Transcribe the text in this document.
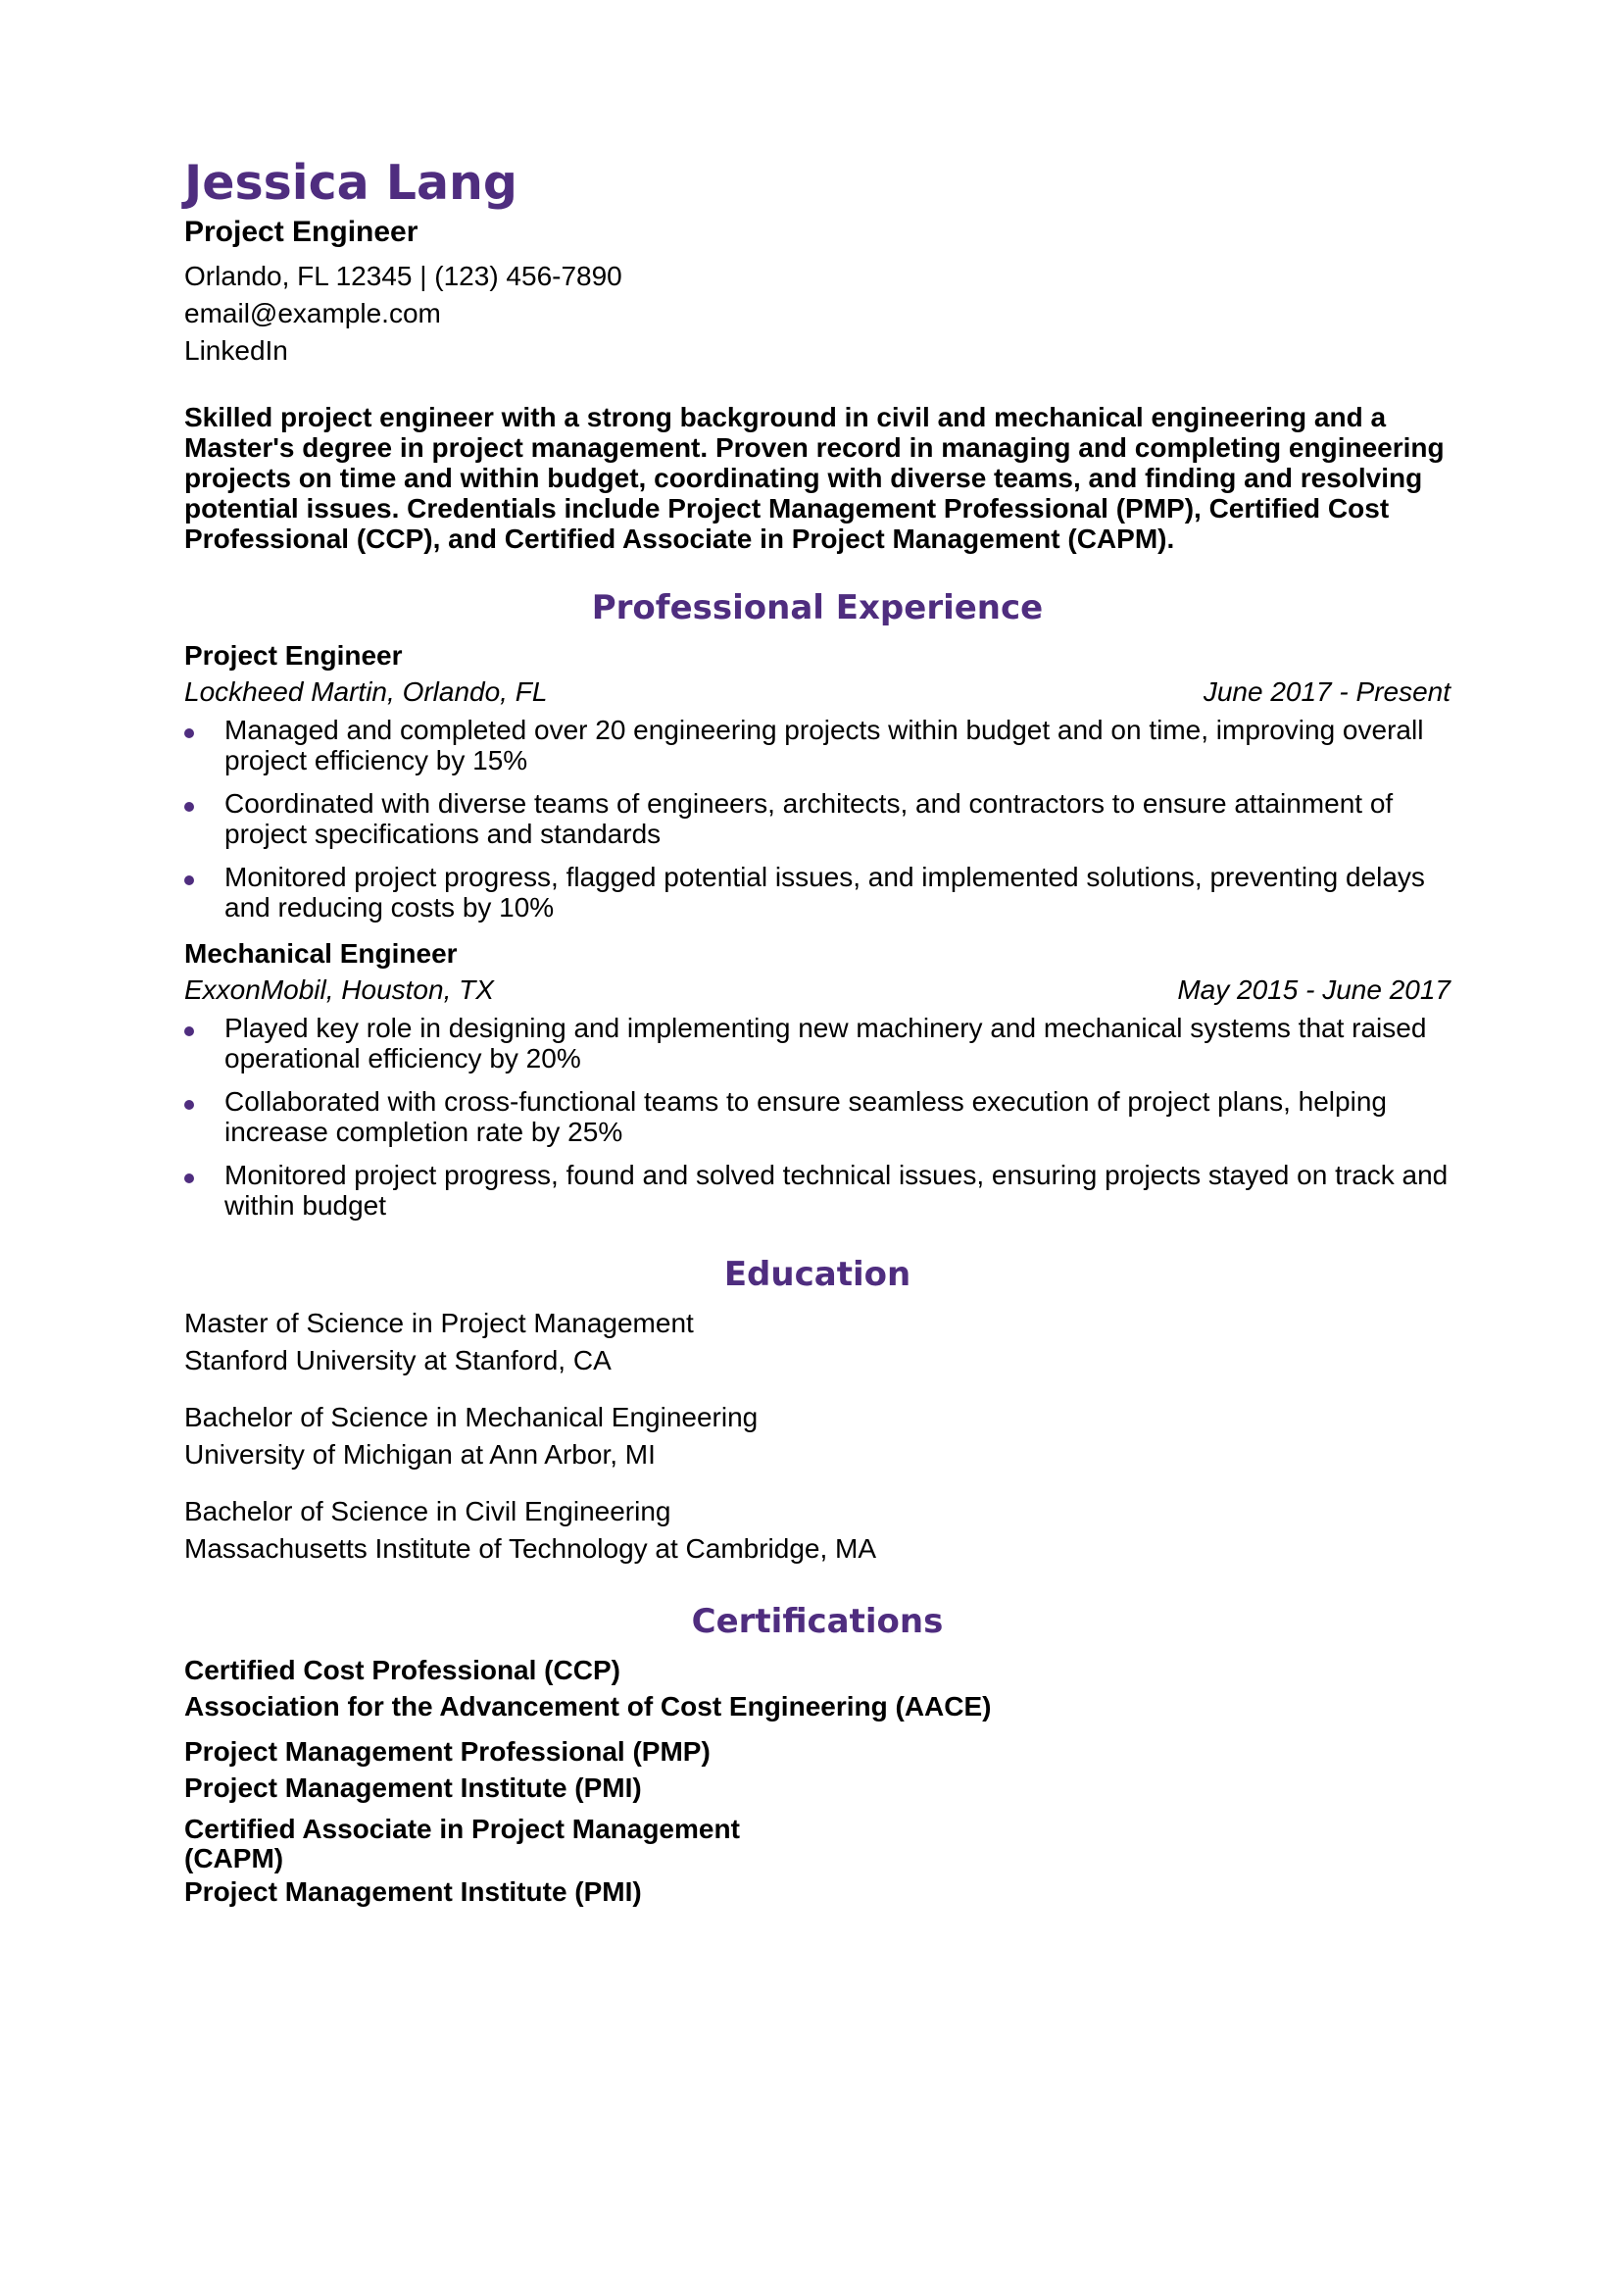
Jessica Lang

Project Engineer

Orlando, FL 12345 | (123) 456-7890

email@example.com

LinkedIn

Skilled project engineer with a strong background in civil and mechanical engineering and a Master's degree in project management. Proven record in managing and completing engineering projects on time and within budget, coordinating with diverse teams, and finding and resolving potential issues. Credentials include Project Management Professional (PMP), Certified Cost Professional (CCP), and Certified Associate in Project Management (CAPM).

Professional Experience

Project Engineer

Lockheed Martin, Orlando, FL	June 2017 - Present
Managed and completed over 20 engineering projects within budget and on time, improving overall project efficiency by 15%
Coordinated with diverse teams of engineers, architects, and contractors to ensure attainment of project specifications and standards
Monitored project progress, flagged potential issues, and implemented solutions, preventing delays and reducing costs by 10%

Mechanical Engineer

ExxonMobil, Houston, TX	May 2015 - June 2017
Played key role in designing and implementing new machinery and mechanical systems that raised operational efficiency by 20%
Collaborated with cross-functional teams to ensure seamless execution of project plans, helping increase completion rate by 25%
Monitored project progress, found and solved technical issues, ensuring projects stayed on track and within budget
Education

Master of Science in Project Management

Stanford University at Stanford, CA

Bachelor of Science in Mechanical Engineering

University of Michigan at Ann Arbor, MI

Bachelor of Science in Civil Engineering

Massachusetts Institute of Technology at Cambridge, MA

Certifications

Certified Cost Professional (CCP)

Association for the Advancement of Cost Engineering (AACE)

Project Management Professional (PMP)

Project Management Institute (PMI)

Certified Associate in Project Management (CAPM)

Project Management Institute (PMI)
